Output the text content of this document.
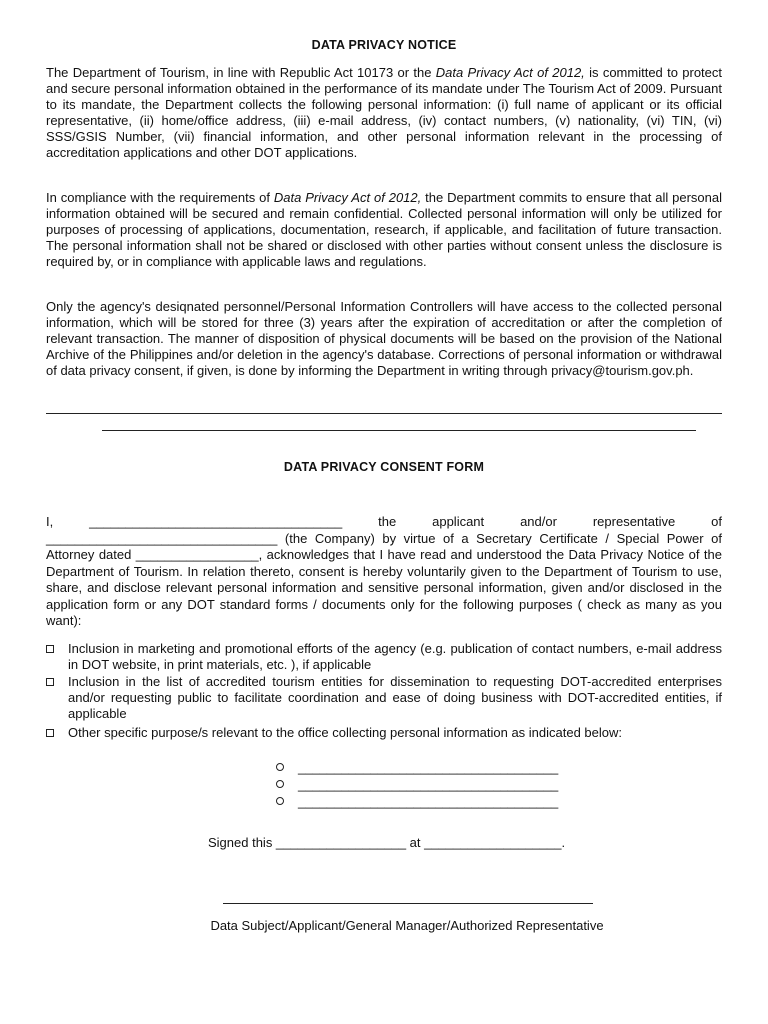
DATA PRIVACY NOTICE
The Department of Tourism, in line with Republic Act 10173 or the Data Privacy Act of 2012, is committed to protect and secure personal information obtained in the performance of its mandate under The Tourism Act of 2009. Pursuant to its mandate, the Department collects the following personal information: (i) full name of applicant or its official representative, (ii) home/office address, (iii) e-mail address, (iv) contact numbers, (v) nationality, (vi) TIN, (vi) SSS/GSIS Number, (vii) financial information, and other personal information relevant in the processing of accreditation applications and other DOT applications.
In compliance with the requirements of Data Privacy Act of 2012, the Department commits to ensure that all personal information obtained will be secured and remain confidential. Collected personal information will only be utilized for purposes of processing of applications, documentation, research, if applicable, and facilitation of future transaction. The personal information shall not be shared or disclosed with other parties without consent unless the disclosure is required by, or in compliance with applicable laws and regulations.
Only the agency's desiqnated personnel/Personal Information Controllers will have access to the collected personal information, which will be stored for three (3) years after the expiration of accreditation or after the completion of relevant transaction. The manner of disposition of physical documents will be based on the provision of the National Archive of the Philippines and/or deletion in the agency's database. Corrections of personal information or withdrawal of data privacy consent, if given, is done by informing the Department in writing through privacy@tourism.gov.ph.
DATA PRIVACY CONSENT FORM
I, ___________________________________ the applicant and/or representative of ________________________________ (the Company) by virtue of a Secretary Certificate / Special Power of Attorney dated _________________, acknowledges that I have read and understood the Data Privacy Notice of the Department of Tourism. In relation thereto, consent is hereby voluntarily given to the Department of Tourism to use, share, and disclose relevant personal information and sensitive personal information, given and/or disclosed in the application form or any DOT standard forms / documents only for the following purposes ( check as many as you want):
Inclusion in marketing and promotional efforts of the agency (e.g. publication of contact numbers, e-mail address in DOT website, in print materials, etc. ), if applicable
Inclusion in the list of accredited tourism entities for dissemination to requesting DOT-accredited enterprises and/or requesting public to facilitate coordination and ease of doing business with DOT-accredited entities, if applicable
Other specific purpose/s relevant to the office collecting personal information as indicated below:
____________________________________
____________________________________
____________________________________
Signed this __________________ at ___________________.
Data Subject/Applicant/General Manager/Authorized Representative
